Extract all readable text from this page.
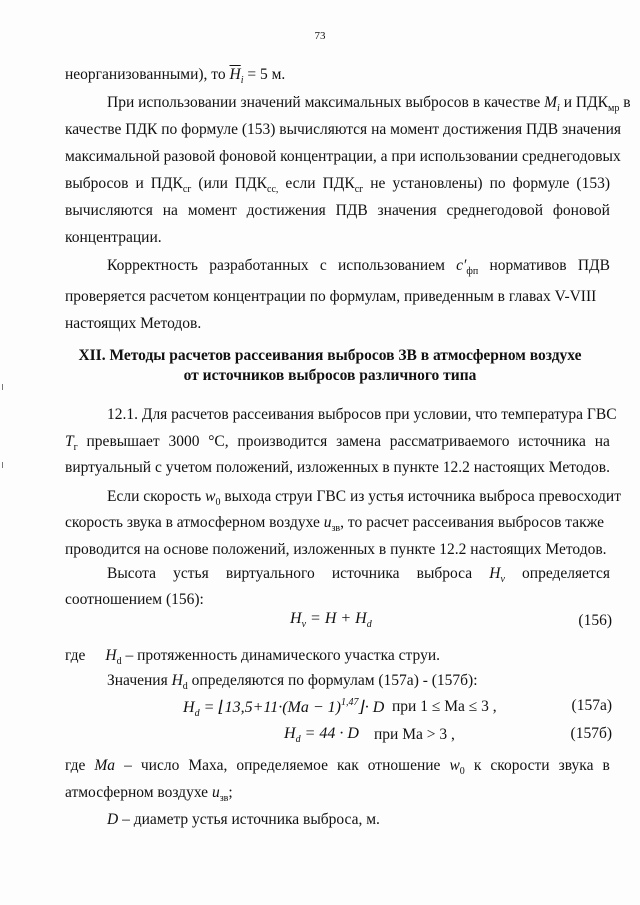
73
неорганизованными), то $\overline{H}_i = 5$ м.
При использовании значений максимальных выбросов в качестве $M_i$ и $ПДК_{мр}$ в
качестве ПДК по формуле (153) вычисляются на момент достижения ПДВ значения
максимальной разовой фоновой концентрации, а при использовании среднегодовых
выбросов и $ПДК_{сг}$ (или $ПДК_{сс,}$ если $ПДК_{сг}$ не установлены) по формуле (153)
вычисляются на момент достижения ПДВ значения среднегодовой фоновой
концентрации.
Корректность разработанных с использованием $c'_{фп}$ нормативов ПДВ
проверяется расчетом концентрации по формулам, приведенным в главах V-VIII
настоящих Методов.
XII. Методы расчетов рассеивания выбросов ЗВ в атмосферном воздухе
от источников выбросов различного типа
12.1. Для расчетов рассеивания выбросов при условии, что температура ГВС
$T_г$ превышает 3000 °С, производится замена рассматриваемого источника на
виртуальный с учетом положений, изложенных в пункте 12.2 настоящих Методов.
Если скорость $w_0$ выхода струи ГВС из устья источника выброса превосходит
скорость звука в атмосферном воздухе $u_{зв}$, то расчет рассеивания выбросов также
проводится на основе положений, изложенных в пункте 12.2 настоящих Методов.
Высота устья виртуального источника выброса $H_v$ определяется
соотношением (156):
$H_v = H + H_d$	(156)
где $H_d$ – протяженность динамического участка струи.
Значения $H_d$ определяются по формулам (157а) - (157б):
$H_d$ = ⌊13,5+11·(Ma − 1)$^{1,47}$⌋· D при 1 ≤ Ma ≤ 3 ,	(157а)
$H_d = 44 \cdot D$ при Ma > 3 ,	(157б)
где Ma – число Маха, определяемое как отношение $w_0$ к скорости звука в
атмосферном воздухе $u_{зв}$;
D – диаметр устья источника выброса, м.
